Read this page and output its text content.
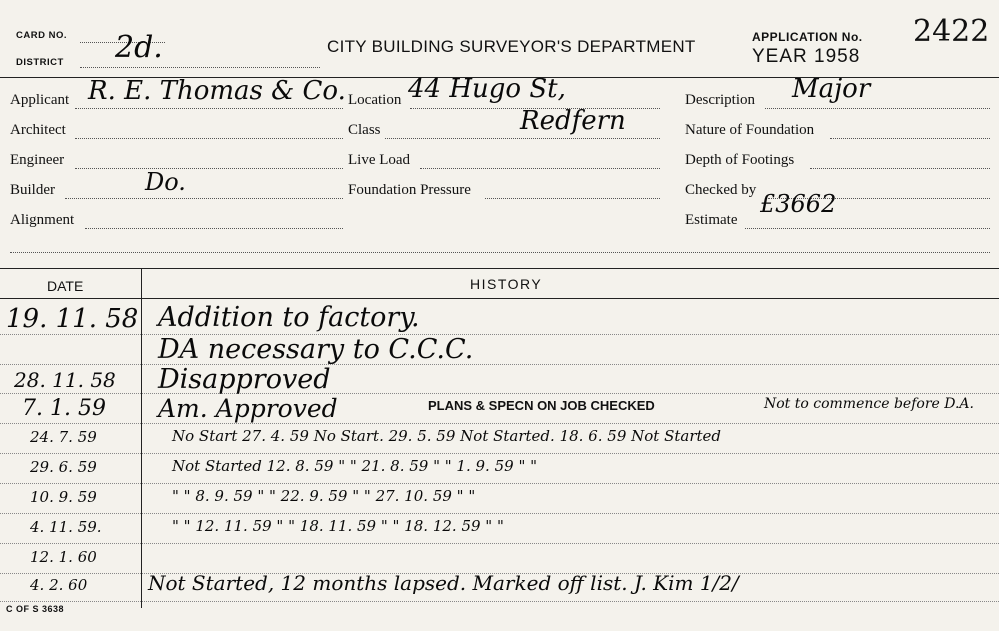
CARD NO.
DISTRICT 2d.	CITY BUILDING SURVEYOR'S DEPARTMENT	APPLICATION No. 2422
YEAR 1958
Applicant R. E. Thomas & Co.
Architect
Engineer
Builder	Do.
Alignment
Location 44 Hugo St,
Redfern
Class
Live Load
Foundation Pressure
Description Major
Nature of Foundation
Depth of Footings
Checked by
Estimate
£3662
DATE	HISTORY
19. 11. 58 Addition to factory.
DA necessary to C.C.C.
28. 11. 58 Disapproved
7. 1. 59 Am. Approved	PLANS & SPECN ON JOB CHECKED	Not to commence before D.A.
24. 7. 59	No Start 27. 4. 59 No Start. 29. 5. 59 Not Started. 18. 6. 59 Not Started
29. 6. 59	Not Started 12. 8. 59 " " 21. 8. 59 " " 1. 9. 59 " "
10. 9. 59	" " 8. 9. 59 " " 22. 9. 59 " " 27. 10. 59 " "
4. 11. 59.	" " 12. 11. 59 " " 18. 11. 59 " " 18. 12. 59 " "
12. 1. 60
4. 2. 60	Not Started, 12 months lapsed. Marked off list. J. Kim 1/2/
C OF S 3638
